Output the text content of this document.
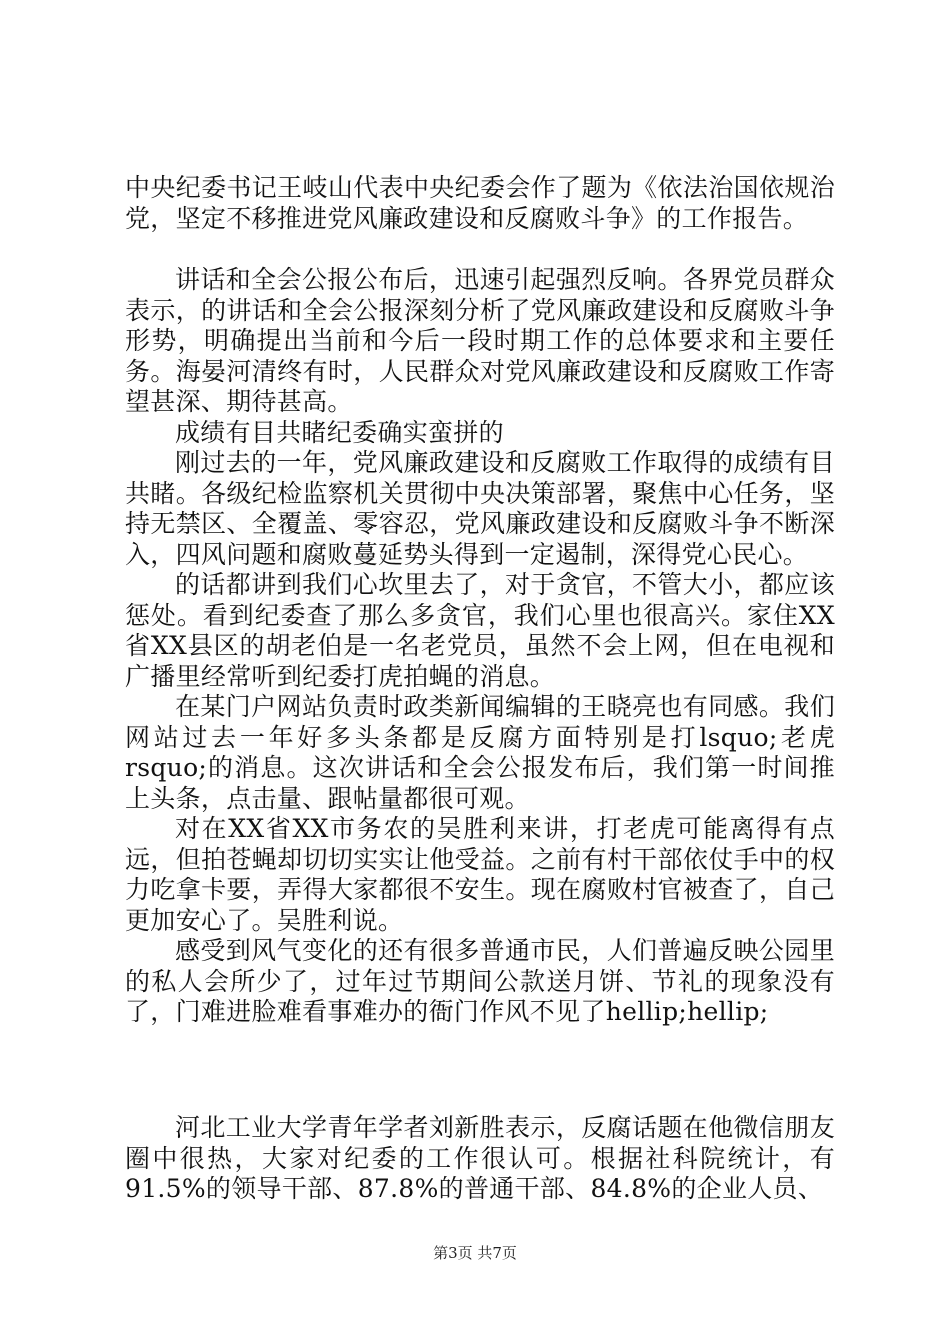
中央纪委书记王岐山代表中央纪委会作了题为《依法治国依规治党，坚定不移推进党风廉政建设和反腐败斗争》的工作报告。

讲话和全会公报公布后，迅速引起强烈反响。各界党员群众表示，的讲话和全会公报深刻分析了党风廉政建设和反腐败斗争形势，明确提出当前和今后一段时期工作的总体要求和主要任务。海晏河清终有时，人民群众对党风廉政建设和反腐败工作寄望甚深、期待甚高。

成绩有目共睹纪委确实蛮拼的

刚过去的一年，党风廉政建设和反腐败工作取得的成绩有目共睹。各级纪检监察机关贯彻中央决策部署，聚焦中心任务，坚持无禁区、全覆盖、零容忍，党风廉政建设和反腐败斗争不断深入，四风问题和腐败蔓延势头得到一定遏制，深得党心民心。

的话都讲到我们心坎里去了，对于贪官，不管大小，都应该惩处。看到纪委查了那么多贪官，我们心里也很高兴。家住XX省XX县区的胡老伯是一名老党员，虽然不会上网，但在电视和广播里经常听到纪委打虎拍蝇的消息。

在某门户网站负责时政类新闻编辑的王晓亮也有同感。我们网站过去一年好多头条都是反腐方面特别是打lsquo;老虎rsquo;的消息。这次讲话和全会公报发布后，我们第一时间推上头条，点击量、跟帖量都很可观。

对在XX省XX市务农的吴胜利来讲，打老虎可能离得有点远，但拍苍蝇却切切实实让他受益。之前有村干部依仗手中的权力吃拿卡要，弄得大家都很不安生。现在腐败村官被查了，自己更加安心了。吴胜利说。

感受到风气变化的还有很多普通市民，人们普遍反映公园里的私人会所少了，过年过节期间公款送月饼、节礼的现象没有了，门难进脸难看事难办的衙门作风不见了hellip;hellip;

河北工业大学青年学者刘新胜表示，反腐话题在他微信朋友圈中很热，大家对纪委的工作很认可。根据社科院统计，有91.5%的领导干部、87.8%的普通干部、84.8%的企业人员、

第3页 共7页
